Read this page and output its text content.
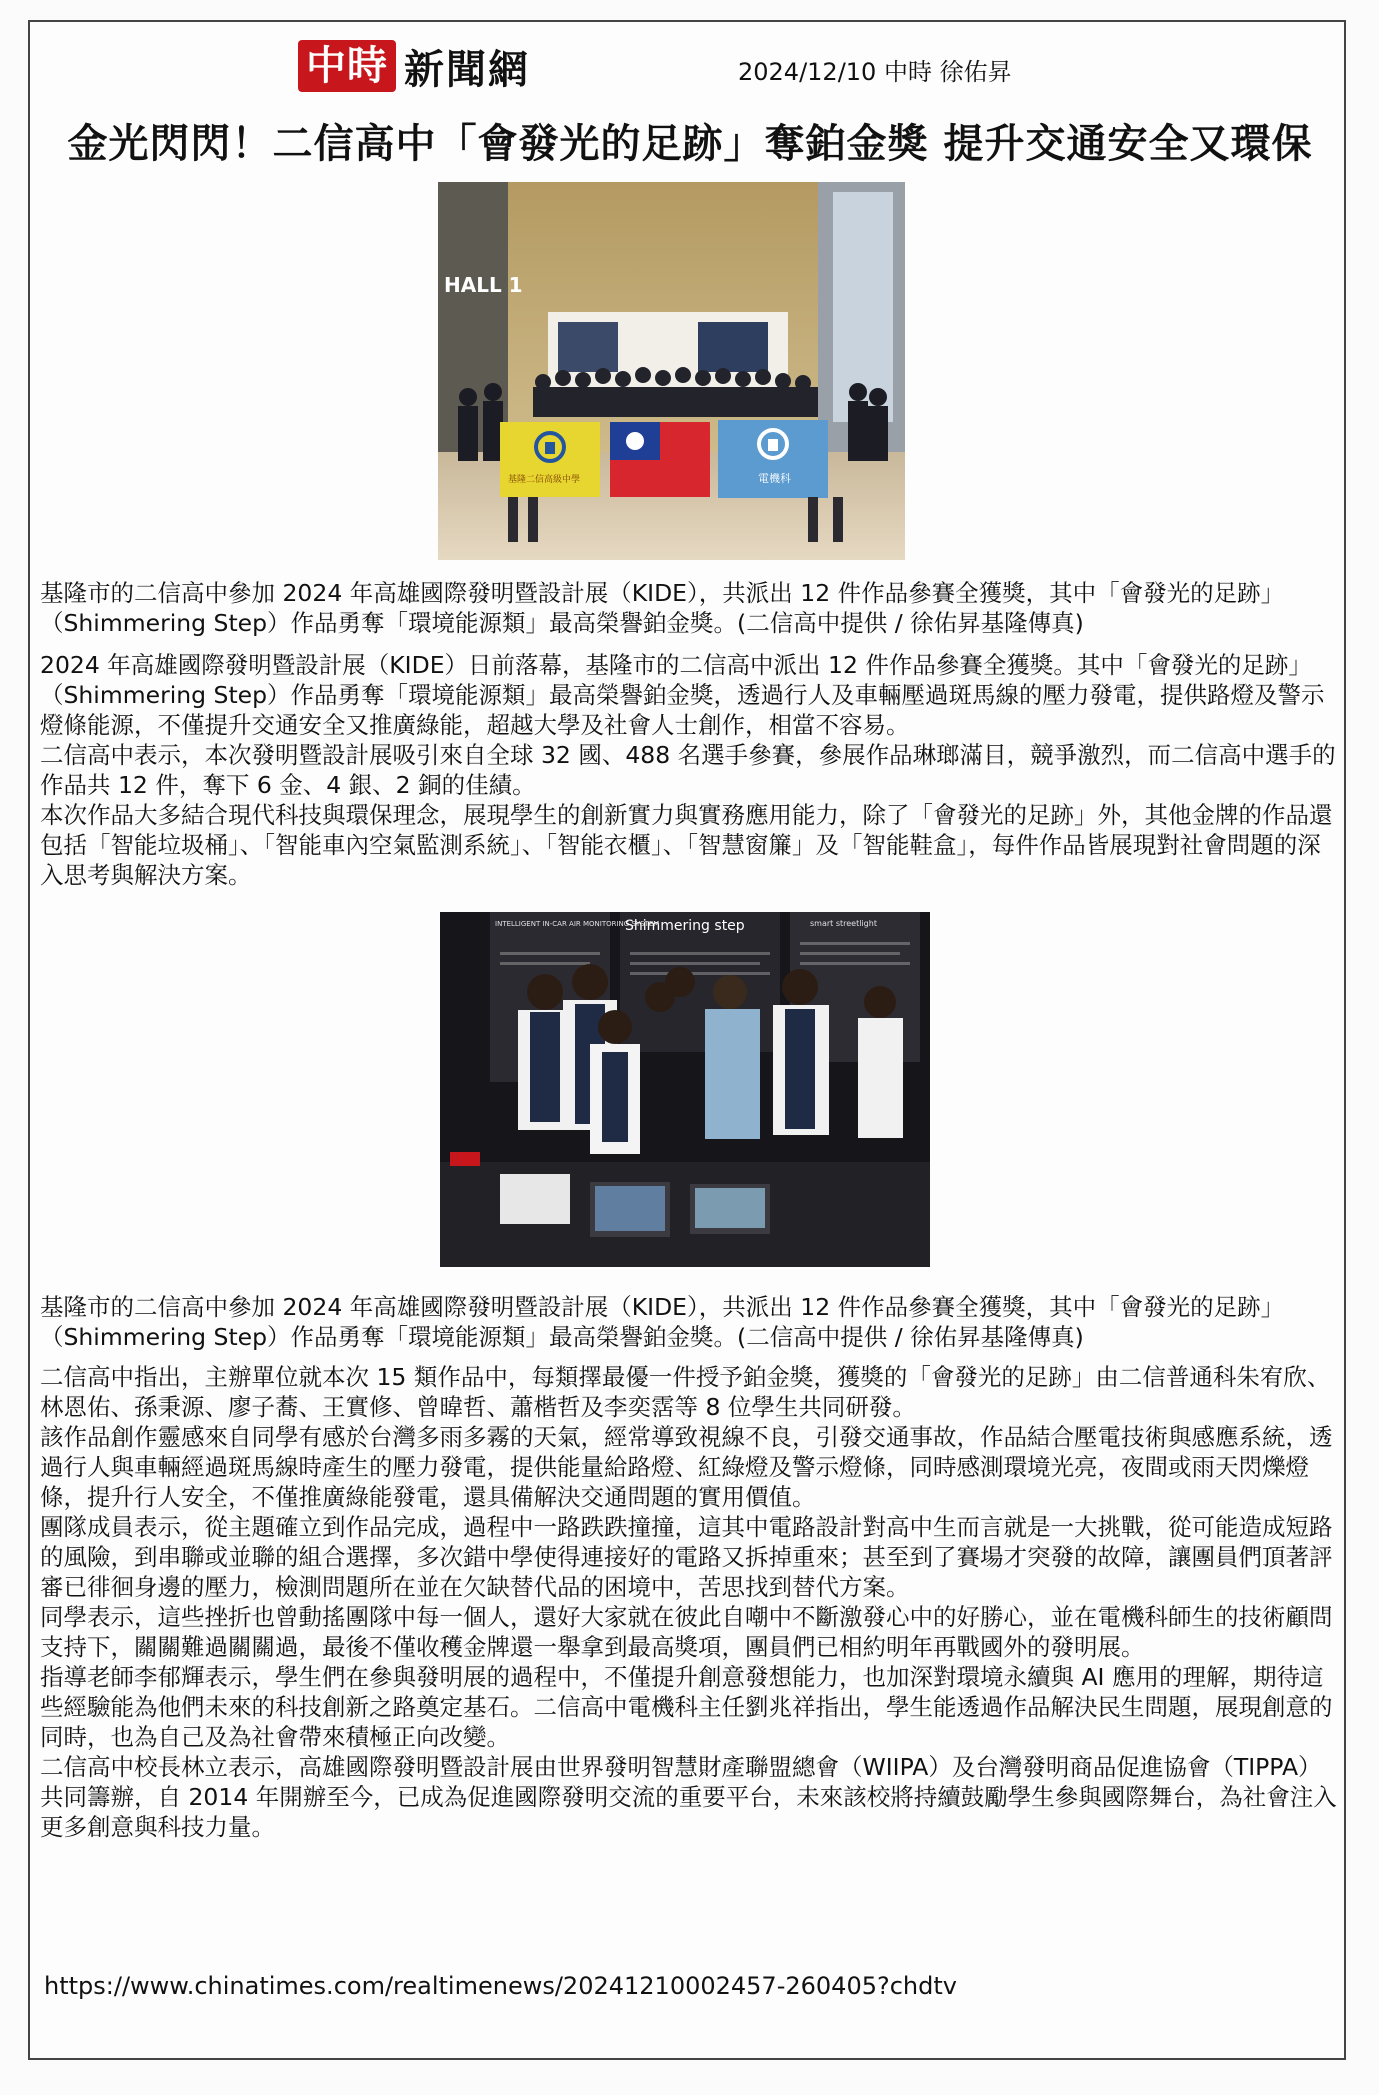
中時 新聞網	2024/12/10 中時 徐佑昇
金光閃閃！二信高中「會發光的足跡」奪鉑金獎 提升交通安全又環保
HALL 1
基隆二信高級中學	電機科

基隆市的二信高中參加 2024 年高雄國際發明暨設計展（KIDE），共派出 12 件作品參賽全獲獎，其中「會發光的足跡」（Shimmering Step）作品勇奪「環境能源類」最高榮譽鉑金獎。(二信高中提供 / 徐佑昇基隆傳真)

2024 年高雄國際發明暨設計展（KIDE）日前落幕，基隆市的二信高中派出 12 件作品參賽全獲獎。其中「會發光的足跡」（Shimmering Step）作品勇奪「環境能源類」最高榮譽鉑金獎，透過行人及車輛壓過斑馬線的壓力發電，提供路燈及警示燈條能源，不僅提升交通安全又推廣綠能，超越大學及社會人士創作，相當不容易。

二信高中表示，本次發明暨設計展吸引來自全球 32 國、488 名選手參賽，參展作品琳瑯滿目，競爭激烈，而二信高中選手的作品共 12 件，奪下 6 金、4 銀、2 銅的佳績。

本次作品大多結合現代科技與環保理念，展現學生的創新實力與實務應用能力，除了「會發光的足跡」外，其他金牌的作品還包括「智能垃圾桶」、「智能車內空氣監測系統」、「智能衣櫃」、「智慧窗簾」及「智能鞋盒」，每件作品皆展現對社會問題的深入思考與解決方案。

INTELLIGENT IN-CAR AIR MONITORING SYSTEM
Shimmering step	smart streetlight

基隆市的二信高中參加 2024 年高雄國際發明暨設計展（KIDE），共派出 12 件作品參賽全獲獎，其中「會發光的足跡」（Shimmering Step）作品勇奪「環境能源類」最高榮譽鉑金獎。(二信高中提供 / 徐佑昇基隆傳真)

二信高中指出，主辦單位就本次 15 類作品中，每類擇最優一件授予鉑金獎，獲獎的「會發光的足跡」由二信普通科朱宥欣、林恩佑、孫秉源、廖子蕎、王實修、曾暐哲、蕭楷哲及李奕霑等 8 位學生共同研發。

該作品創作靈感來自同學有感於台灣多雨多霧的天氣，經常導致視線不良，引發交通事故，作品結合壓電技術與感應系統，透過行人與車輛經過斑馬線時產生的壓力發電，提供能量給路燈、紅綠燈及警示燈條，同時感測環境光亮，夜間或雨天閃爍燈條，提升行人安全，不僅推廣綠能發電，還具備解決交通問題的實用價值。

團隊成員表示，從主題確立到作品完成，過程中一路跌跌撞撞，這其中電路設計對高中生而言就是一大挑戰，從可能造成短路的風險，到串聯或並聯的組合選擇，多次錯中學使得連接好的電路又拆掉重來；甚至到了賽場才突發的故障，讓團員們頂著評審已徘徊身邊的壓力，檢測問題所在並在欠缺替代品的困境中，苦思找到替代方案。

同學表示，這些挫折也曾動搖團隊中每一個人，還好大家就在彼此自嘲中不斷激發心中的好勝心，並在電機科師生的技術顧問支持下，關關難過關關過，最後不僅收穫金牌還一舉拿到最高獎項，團員們已相約明年再戰國外的發明展。

指導老師李郁輝表示，學生們在參與發明展的過程中，不僅提升創意發想能力，也加深對環境永續與 AI 應用的理解，期待這些經驗能為他們未來的科技創新之路奠定基石。二信高中電機科主任劉兆祥指出，學生能透過作品解決民生問題，展現創意的同時，也為自己及為社會帶來積極正向改變。

二信高中校長林立表示，高雄國際發明暨設計展由世界發明智慧財產聯盟總會（WIIPA）及台灣發明商品促進協會（TIPPA）共同籌辦，自 2014 年開辦至今，已成為促進國際發明交流的重要平台，未來該校將持續鼓勵學生參與國際舞台，為社會注入更多創意與科技力量。

https://www.chinatimes.com/realtimenews/20241210002457-260405?chdtv
